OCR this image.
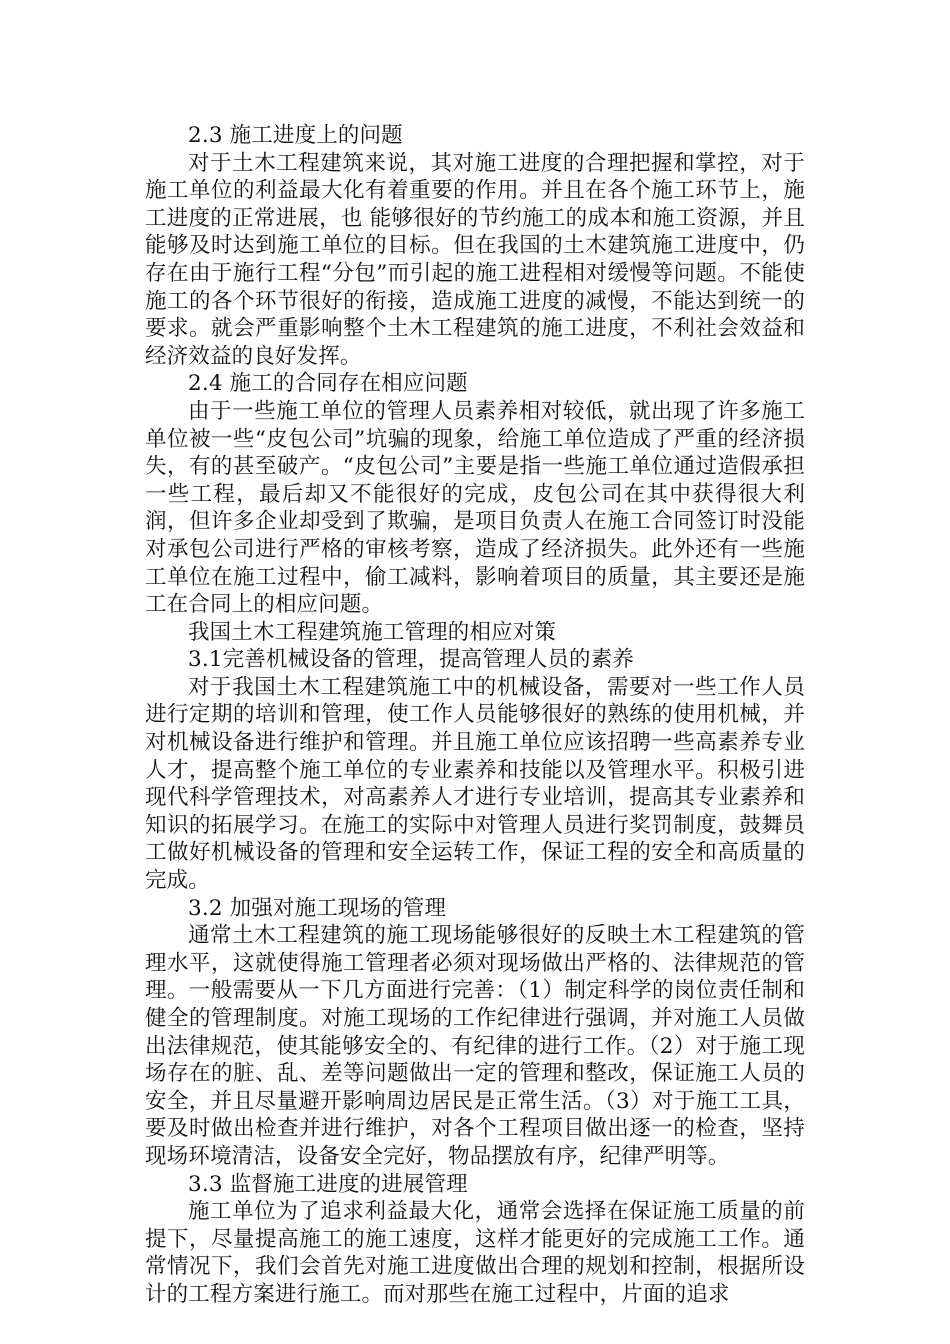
2.3 施工进度上的问题

对于土木工程建筑来说，其对施工进度的合理把握和掌控，对于施工单位的利益最大化有着重要的作用。并且在各个施工环节上，施工进度的正常进展，也 能够很好的节约施工的成本和施工资源，并且能够及时达到施工单位的目标。但在我国的土木建筑施工进度中，仍存在由于施行工程“分包”而引起的施工进程相对缓慢等问题。不能使施工的各个环节很好的衔接，造成施工进度的减慢，不能达到统一的要求。就会严重影响整个土木工程建筑的施工进度，不利社会效益和经济效益的良好发挥。

2.4 施工的合同存在相应问题

由于一些施工单位的管理人员素养相对较低，就出现了许多施工单位被一些“皮包公司”坑骗的现象，给施工单位造成了严重的经济损失，有的甚至破产。“皮包公司”主要是指一些施工单位通过造假承担一些工程，最后却又不能很好的完成，皮包公司在其中获得很大利润，但许多企业却受到了欺骗，是项目负责人在施工合同签订时没能对承包公司进行严格的审核考察，造成了经济损失。此外还有一些施工单位在施工过程中，偷工减料，影响着项目的质量，其主要还是施工在合同上的相应问题。

我国土木工程建筑施工管理的相应对策

3.1完善机械设备的管理，提高管理人员的素养

对于我国土木工程建筑施工中的机械设备，需要对一些工作人员进行定期的培训和管理，使工作人员能够很好的熟练的使用机械，并对机械设备进行维护和管理。并且施工单位应该招聘一些高素养专业人才，提高整个施工单位的专业素养和技能以及管理水平。积极引进现代科学管理技术，对高素养人才进行专业培训，提高其专业素养和知识的拓展学习。在施工的实际中对管理人员进行奖罚制度，鼓舞员工做好机械设备的管理和安全运转工作，保证工程的安全和高质量的完成。

3.2 加强对施工现场的管理

通常土木工程建筑的施工现场能够很好的反映土木工程建筑的管理水平，这就使得施工管理者必须对现场做出严格的、法律规范的管理。一般需要从一下几方面进行完善：（1）制定科学的岗位责任制和健全的管理制度。对施工现场的工作纪律进行强调，并对施工人员做出法律规范，使其能够安全的、有纪律的进行工作。（2）对于施工现场存在的脏、乱、差等问题做出一定的管理和整改，保证施工人员的安全，并且尽量避开影响周边居民是正常生活。（3）对于施工工具，要及时做出检查并进行维护，对各个工程项目做出逐一的检查，坚持现场环境清洁，设备安全完好，物品摆放有序，纪律严明等。

3.3 监督施工进度的进展管理

施工单位为了追求利益最大化，通常会选择在保证施工质量的前提下，尽量提高施工的施工速度，这样才能更好的完成施工工作。通常情况下，我们会首先对施工进度做出合理的规划和控制，根据所设计的工程方案进行施工。而对那些在施工过程中，片面的追求
